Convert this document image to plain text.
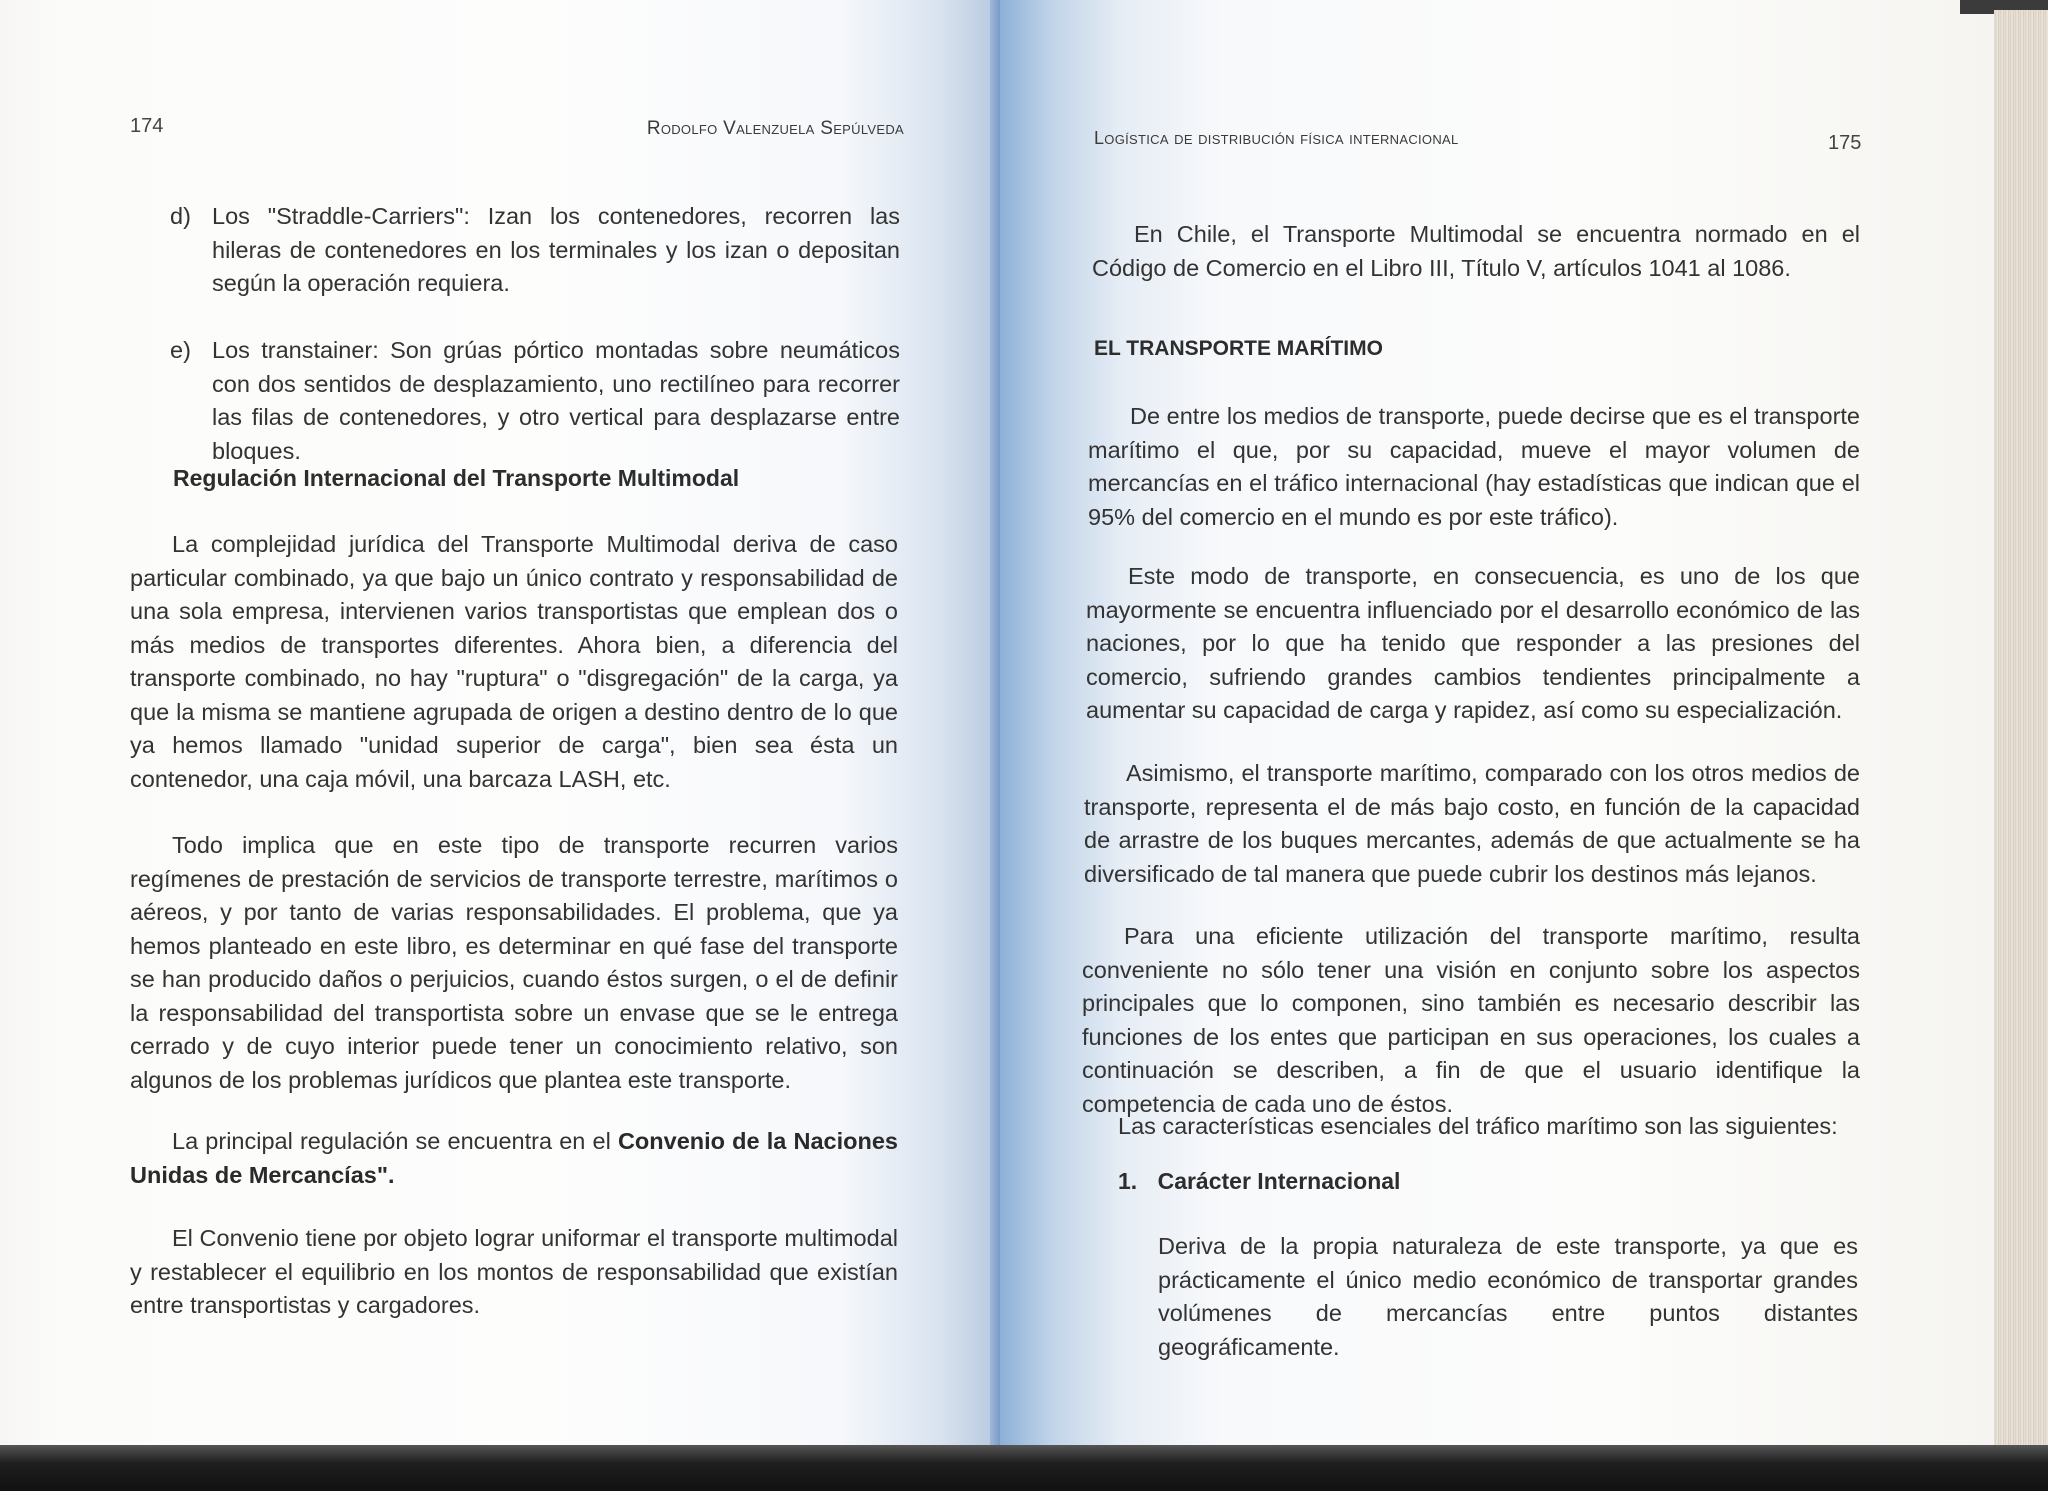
174	Rodolfo Valenzuela Sepúlveda
d) Los "Straddle-Carriers": Izan los contenedores, recorren las hileras de contenedores en los terminales y los izan o depositan según la operación requiera.
e) Los transtainer: Son grúas pórtico montadas sobre neumáticos con dos sentidos de desplazamiento, uno rectilíneo para recorrer las filas de contenedores, y otro vertical para desplazarse entre bloques.
Regulación Internacional del Transporte Multimodal

La complejidad jurídica del Transporte Multimodal deriva de caso particular combinado, ya que bajo un único contrato y responsabilidad de una sola empresa, intervienen varios transportistas que emplean dos o más medios de transportes diferentes. Ahora bien, a diferencia del transporte combinado, no hay "ruptura" o "disgregación" de la carga, ya que la misma se mantiene agrupada de origen a destino dentro de lo que ya hemos llamado "unidad superior de carga", bien sea ésta un contenedor, una caja móvil, una barcaza LASH, etc.

Todo implica que en este tipo de transporte recurren varios regímenes de prestación de servicios de transporte terrestre, marítimos o aéreos, y por tanto de varias responsabilidades. El problema, que ya hemos planteado en este libro, es determinar en qué fase del transporte se han producido daños o perjuicios, cuando éstos surgen, o el de definir la responsabilidad del transportista sobre un envase que se le entrega cerrado y de cuyo interior puede tener un conocimiento relativo, son algunos de los problemas jurídicos que plantea este transporte.

La principal regulación se encuentra en el Convenio de la Naciones Unidas de Mercancías".

El Convenio tiene por objeto lograr uniformar el transporte multimodal y restablecer el equilibrio en los montos de responsabilidad que existían entre transportistas y cargadores.

Logística de distribución física internacional	175

En Chile, el Transporte Multimodal se encuentra normado en el Código de Comercio en el Libro III, Título V, artículos 1041 al 1086.

EL TRANSPORTE MARÍTIMO

De entre los medios de transporte, puede decirse que es el transporte marítimo el que, por su capacidad, mueve el mayor volumen de mercancías en el tráfico internacional (hay estadísticas que indican que el 95% del comercio en el mundo es por este tráfico).

Este modo de transporte, en consecuencia, es uno de los que mayormente se encuentra influenciado por el desarrollo económico de las naciones, por lo que ha tenido que responder a las presiones del comercio, sufriendo grandes cambios tendientes principalmente a aumentar su capacidad de carga y rapidez, así como su especialización.

Asimismo, el transporte marítimo, comparado con los otros medios de transporte, representa el de más bajo costo, en función de la capacidad de arrastre de los buques mercantes, además de que actualmente se ha diversificado de tal manera que puede cubrir los destinos más lejanos.

Para una eficiente utilización del transporte marítimo, resulta conveniente no sólo tener una visión en conjunto sobre los aspectos principales que lo componen, sino también es necesario describir las funciones de los entes que participan en sus operaciones, los cuales a continuación se describen, a fin de que el usuario identifique la competencia de cada uno de éstos.

Las características esenciales del tráfico marítimo son las siguientes:

1. Carácter Internacional

Deriva de la propia naturaleza de este transporte, ya que es prácticamente el único medio económico de transportar grandes volúmenes de mercancías entre puntos distantes geográficamente.
